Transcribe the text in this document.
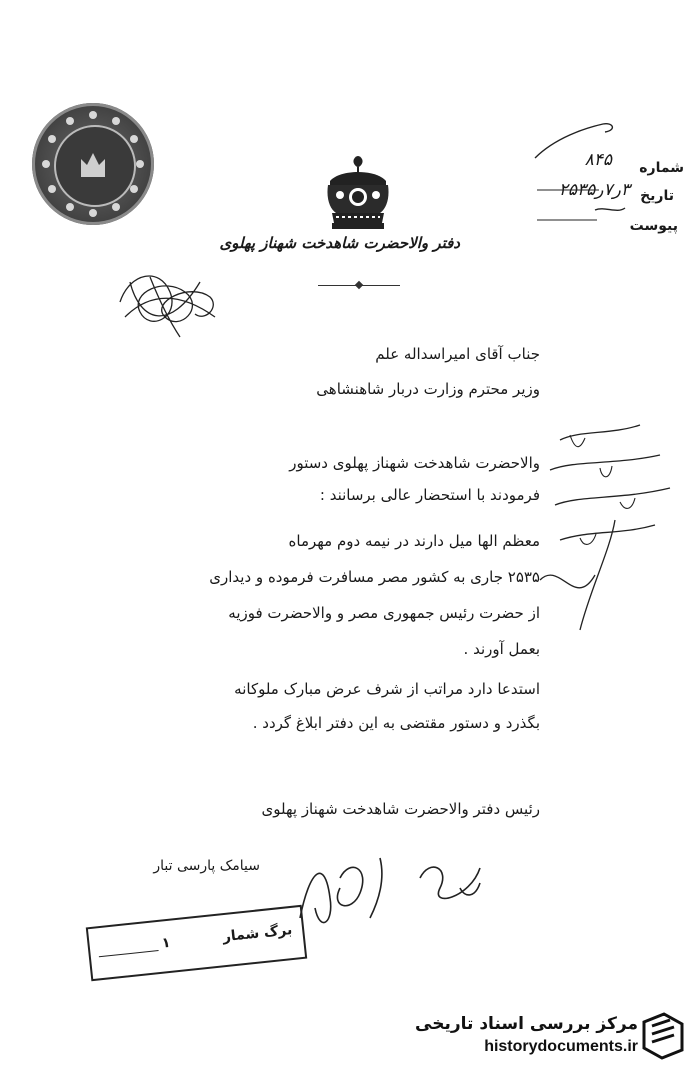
دفتر والاحضرت شاهدخت شهناز پهلوی
شماره
۸۴۵
تاریخ
۳ر۷ر۲۵۳۵
پیوست
جناب آقای امیراسداله علم
وزیر محترم وزارت دربار شاهنشاهی
والاحضرت شاهدخت شهناز پهلوی دستور
فرمودند با استحضار عالی برسانند :
معظم الها میل دارند در نیمه دوم مهرماه
۲۵۳۵ جاری به کشور مصر مسافرت فرموده و دیداری
از حضرت رئیس جمهوری مصر و والاحضرت فوزیه
بعمل آورند .
استدعا دارد مراتب از شرف عرض مبارک ملوکانه
بگذرد و دستور مقتضی به این دفتر ابلاغ گردد .
رئیس دفتر والاحضرت شاهدخت شهناز پهلوی
سیامک پارسی تبار
برگ شمار
۱
مرکز بررسی اسناد تاریخی
historydocuments.ir
